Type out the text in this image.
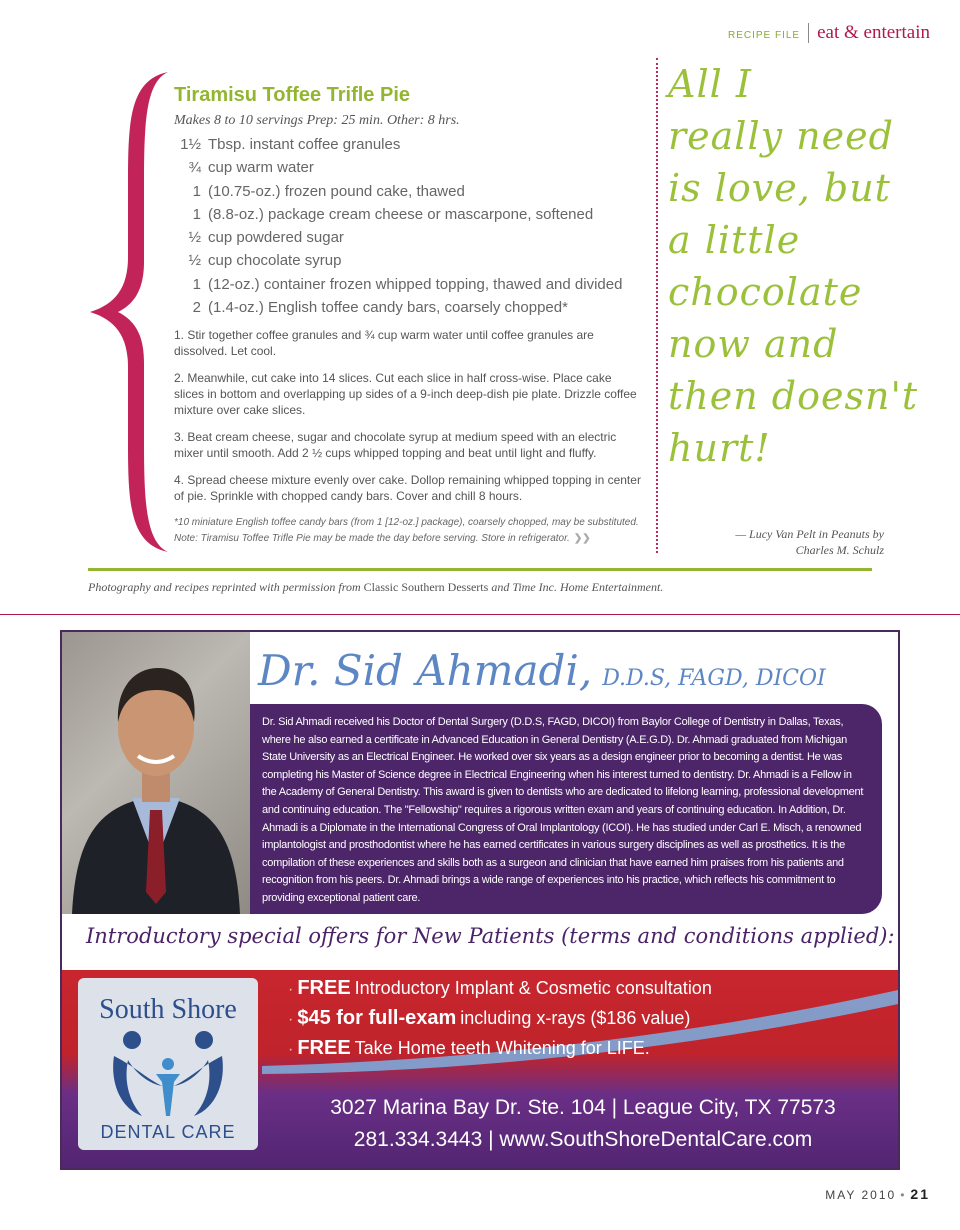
RECIPE FILE eat & entertain
Tiramisu Toffee Trifle Pie
Makes 8 to 10 servings Prep: 25 min. Other: 8 hrs.
1½ Tbsp. instant coffee granules
¾ cup warm water
1 (10.75-oz.) frozen pound cake, thawed
1 (8.8-oz.) package cream cheese or mascarpone, softened
½ cup powdered sugar
½ cup chocolate syrup
1 (12-oz.) container frozen whipped topping, thawed and divided
2 (1.4-oz.) English toffee candy bars, coarsely chopped*

1. Stir together coffee granules and ¾ cup warm water until coffee granules are dissolved. Let cool.

2. Meanwhile, cut cake into 14 slices. Cut each slice in half cross-wise. Place cake slices in bottom and overlapping up sides of a 9-inch deep-dish pie plate. Drizzle coffee mixture over cake slices.

3. Beat cream cheese, sugar and chocolate syrup at medium speed with an electric mixer until smooth. Add 2 ½ cups whipped topping and beat until light and fluffy.

4. Spread cheese mixture evenly over cake. Dollop remaining whipped topping in center of pie. Sprinkle with chopped candy bars. Cover and chill 8 hours.

*10 miniature English toffee candy bars (from 1 [12-oz.] package), coarsely chopped, may be substituted.
Note: Tiramisu Toffee Trifle Pie may be made the day before serving. Store in refrigerator. ❯❯
All I
really need
is love, but
a little
chocolate
now and
then doesn't
hurt!
— Lucy Van Pelt in Peanuts by
Charles M. Schulz
Photography and recipes reprinted with permission from Classic Southern Desserts and Time Inc. Home Entertainment.
Dr. Sid Ahmadi, D.D.S, FAGD, DICOI

Dr. Sid Ahmadi received his Doctor of Dental Surgery (D.D.S, FAGD, DICOI) from Baylor College of Dentistry in Dallas, Texas, where he also earned a certificate in Advanced Education in General Dentistry (A.E.G.D). Dr. Ahmadi graduated from Michigan State University as an Electrical Engineer. He worked over six years as a design engineer prior to becoming a dentist. He was completing his Master of Science degree in Electrical Engineering when his interest turned to dentistry. Dr. Ahmadi is a Fellow in the Academy of General Dentistry. This award is given to dentists who are dedicated to lifelong learning, professional development and continuing education. The "Fellowship" requires a rigorous written exam and years of continuing education. In Addition, Dr. Ahmadi is a Diplomate in the International Congress of Oral Implantology (ICOI). He has studied under Carl E. Misch, a renowned implantologist and prosthodontist where he has earned certificates in various surgery disciplines as well as prosthetics. It is the compilation of these experiences and skills both as a surgeon and clinician that have earned him praises from his patients and recognition from his peers. Dr. Ahmadi brings a wide range of experiences into his practice, which reflects his commitment to providing exceptional patient care.

Introductory special offers for New Patients (terms and conditions applied):
South Shore
DENTAL CARE
· FREE Introductory Implant & Cosmetic consultation
· $45 for full-exam including x-rays ($186 value)
· FREE Take Home teeth Whitening for LIFE.
3027 Marina Bay Dr. Ste. 104 | League City, TX 77573
281.334.3443 | www.SouthShoreDentalCare.com
MAY 2010 • 21
